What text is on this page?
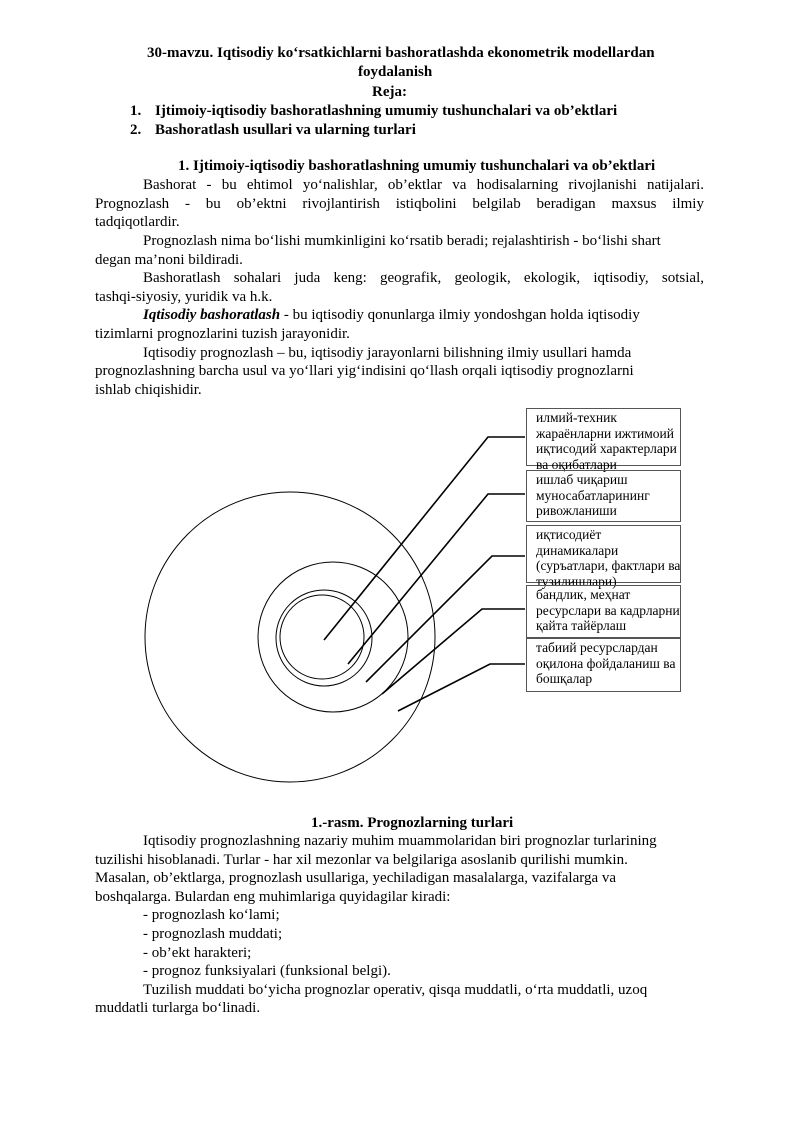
30-mavzu. Iqtisodiy ko‘rsatkichlarni bashoratlashda ekonometrik modellardan
foydalanish
Reja:
1. Ijtimoiy-iqtisodiy bashoratlashning umumiy tushunchalari va ob’ektlari
2. Bashoratlash usullari va ularning turlari
1. Ijtimoiy-iqtisodiy bashoratlashning umumiy tushunchalari va ob’ektlari
Bashorat - bu ehtimol yo‘nalishlar, ob’ektlar va hodisalarning rivojlanishi natijalari.
Prognozlash - bu ob’ektni rivojlantirish istiqbolini belgilab beradigan maxsus ilmiy
tadqiqotlardir.
Prognozlash nima bo‘lishi mumkinligini ko‘rsatib beradi; rejalashtirish - bo‘lishi shart
degan ma’noni bildiradi.
Bashoratlash sohalari juda keng: geografik, geologik, ekologik, iqtisodiy, sotsial,
tashqi-siyosiy, yuridik va h.k.
Iqtisodiy bashoratlash - bu iqtisodiy qonunlarga ilmiy yondoshgan holda iqtisodiy
tizimlarni prognozlarini tuzish jarayonidir.
Iqtisodiy prognozlash – bu, iqtisodiy jarayonlarni bilishning ilmiy usullari hamda
prognozlashning barcha usul va yo‘llari yig‘indisini qo‘llash orqali iqtisodiy prognozlarni
ishlab chiqishidir.
илмий-техник
жараёнларни ижтимоий
иқтисодий характерлари
ва оқибатлари
ишлаб чиқариш
муносабатларининг
ривожланиши
иқтисодиёт
динамикалари
(суръатлари, фактлари ва
тузилишлари)
бандлик, меҳнат
ресурслари ва кадрларни
қайта тайёрлаш
табиий ресурслардан
оқилона фойдаланиш ва
бошқалар
1.-rasm. Prognozlarning turlari
Iqtisodiy prognozlashning nazariy muhim muammolaridan biri prognozlar turlarining
tuzilishi hisoblanadi. Turlar - har xil mezonlar va belgilariga asoslanib qurilishi mumkin.
Masalan, ob’ektlarga, prognozlash usullariga, yechiladigan masalalarga, vazifalarga va
boshqalarga. Bulardan eng muhimlariga quyidagilar kiradi:
- prognozlash ko‘lami;
- prognozlash muddati;
- ob’ekt harakteri;
- prognoz funksiyalari (funksional belgi).
Tuzilish muddati bo‘yicha prognozlar operativ, qisqa muddatli, o‘rta muddatli, uzoq
muddatli turlarga bo‘linadi.
